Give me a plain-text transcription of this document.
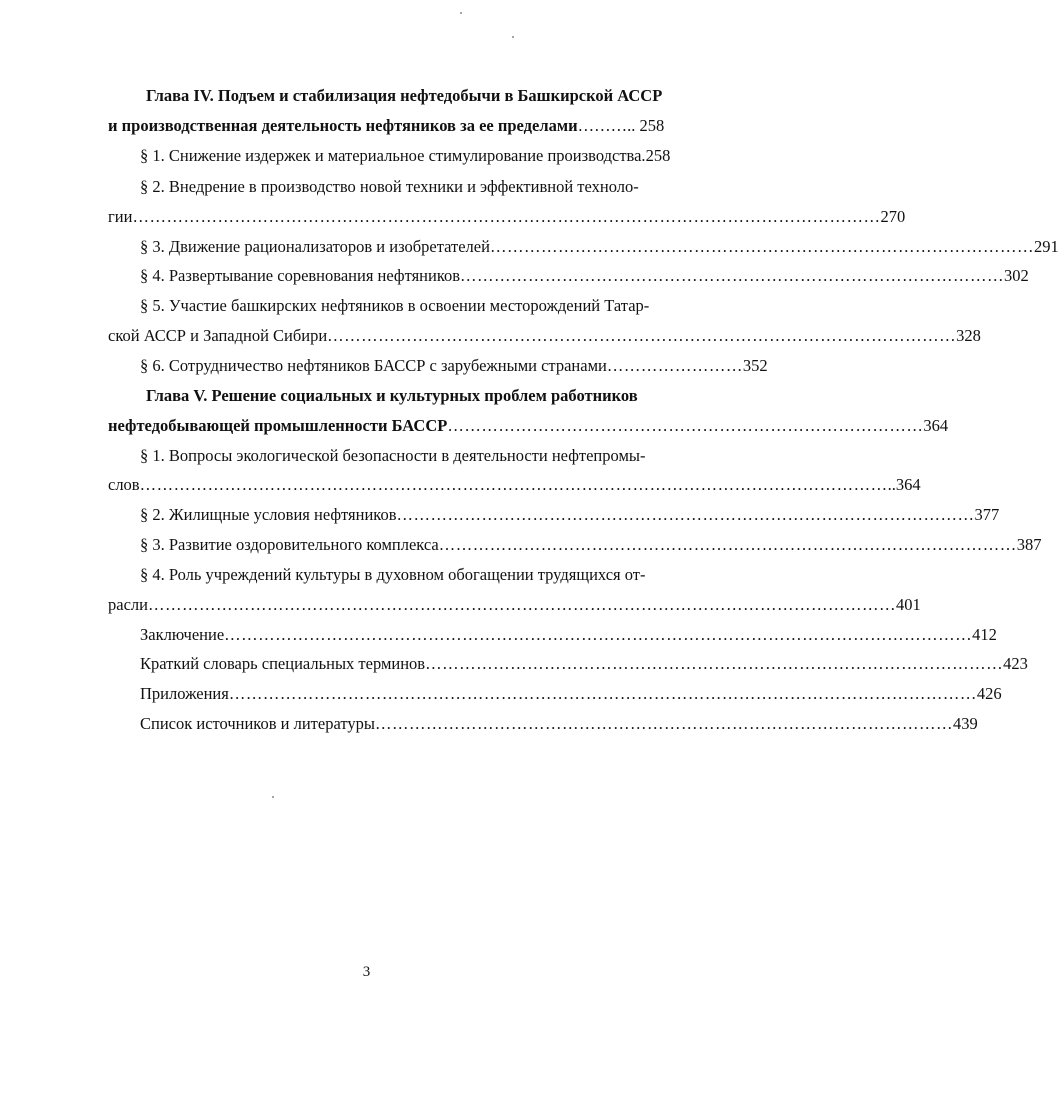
Глава IV. Подъем и стабилизация нефтедобычи в Башкирской АССР
и производственная деятельность нефтяников за ее пределами ……….. 258
§ 1. Снижение издержек и материальное стимулирование производства. 258
§ 2. Внедрение в производство новой техники и эффективной техноло-
гии …………………………………………………………………………………………………………………… 270
§ 3. Движение рационализаторов и изобретателей …………………………………………………………………………………… 291
§ 4. Развертывание соревнования нефтяников …………………………………………………………………………………… 302
§ 5. Участие башкирских нефтяников в освоении месторождений Татар-
ской АССР и Западной Сибири ………………………………………………………………………………………………… 328
§ 6. Сотрудничество нефтяников БАССР с зарубежными странами …………………… 352
Глава V. Решение социальных и культурных проблем работников
нефтедобывающей промышленности БАССР ………………………………………………………………………… 364
§ 1. Вопросы экологической безопасности в деятельности нефтепромы-
слов …………………………………………………………………………………………………………………… ..364
§ 2. Жилищные условия нефтяников ………………………………………………………………………………………… 377
§ 3. Развитие оздоровительного комплекса ………………………………………………………………………………………… 387
§ 4. Роль учреждений культуры в духовном обогащении трудящихся от-
расли …………………………………………………………………………………………………………………… 401
Заключение …………………………………………………………………………………………………………………… 412
Краткий словарь специальных терминов ………………………………………………………………………………………… 423
Приложения …………………………………………………………………………………………………………………… 426
Список источников и литературы ………………………………………………………………………………………… 439
3
